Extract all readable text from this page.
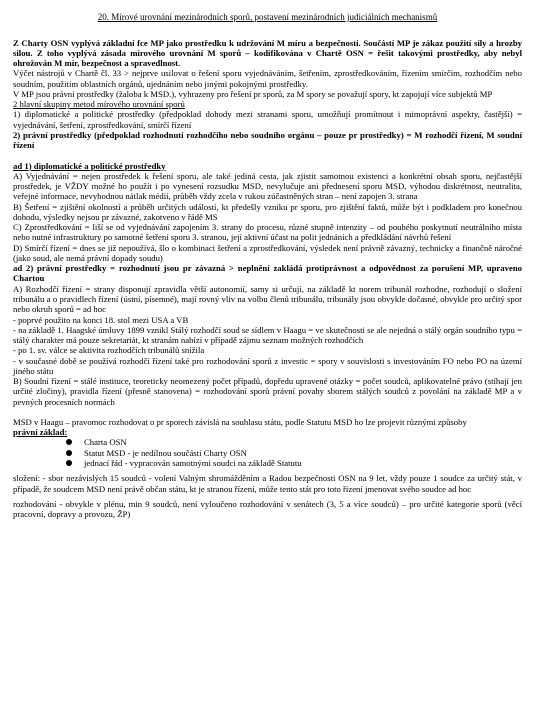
20. Mírové urovnání mezinárodních sporů, postavení mezinárodních judiciálních mechanismů

Z Charty OSN vyplývá základní fce MP jako prostředku k udržování M míru a bezpečnosti. Součástí MP je zákaz použití síly a hrozby silou. Z toho vyplývá zásada mírového urovnání M sporů – kodifikována v Chartě OSN = řešit takovými prostředky, aby nebyl ohrožován M mír, bezpečnost a spravedlnost.

Výčet nástrojů v Chartě čl. 33 > nejprve usilovat o řešení sporu vyjednáváním, šetřením, zprostředkováním, řízením smírčím, rozhodčím nebo soudním, použitím oblastních orgánů, ujednáním nebo jinými pokojnými prostředky.

V MP jsou právní prostředky (žaloba k MSD.), vyhrazeny pro řešení pr sporů, za M spory se považují spory, kt zapojují více subjektů MP

2 hlavní skupiny metod mírového urovnání sporů

1) diplomatické a politické prostředky (předpoklad dohody mezi stranami sporu, umožňují promítnout i mimoprávní aspekty, častější) = vyjednávání, šetření, zprostředkování, smírčí řízení

2) právní prostředky (předpoklad rozhodnutí rozhodčího nebo soudního orgánu – pouze pr prostředky) = M rozhodčí řízení, M soudní řízení

ad 1) diplomatické a politické prostředky

A) Vyjednávání = nejen prostředek k řešení sporu, ale také jediná cesta, jak zjistit samotnou existenci a konkrétní obsah sporu, nejčastější prostředek, je VŽDY možné ho použít i po vynesení rozsudku MSD, nevylučuje ani přednesení sporu MSD, výhodou diskrétnost, neutralita, veřejné informace, nevyhodnou nátlak médií, průběh vždy zcela v rukou zúčastněných stran – není zapojen 3. strana

B) Šetření = zjištění okolností a průběh určitých událostí, kt předešly vzniku pr sporu, pro zjištění faktů, může být i podkladem pro konečnou dohodu, výsledky nejsou pr závazné, zakotveno v řádě MS

C) Zprostředkování = liší se od vyjednávání zapojením 3. strany do procesu, různé stupně intenzity – od pouhého poskytnutí neutrálního místa nebo nutné infrastruktury po samotné šetření sporu 3. stranou, její aktivní účast na polit jednáních a předkládání návrhů řešení

D) Smírčí řízení = dnes se již nepoužívá, šlo o kombinaci šetření a zprostředkování, výsledek není právně závazný, technicky a finančně náročné (jako soud, ale nemá právní dopady soudu)

ad 2) právní prostředky = rozhodnutí jsou pr závazná > neplnění zakládá protiprávnost a odpovědnost za porušení MP, upraveno Chartou

A) Rozhodčí řízení = strany disponují zpravidla větší autonomií, samy si určují, na základě kt norem tribunál rozhodne, rozhodují o složení tribunálu a o pravidlech řízení (ústní, písemné), mají rovný vliv na volbu členů tribunálu, tribunály jsou obvykle dočasné, obvykle pro určitý spor nebo okruh sporů = ad hoc

- poprvé použito na konci 18. stol mezi USA a VB

- na základě 1. Haagské úmluvy 1899 vznikl Stálý rozhodčí soud se sídlem v Haagu = ve skutečnosti se ale nejedná o stálý orgán soudního typu = stálý charakter má pouze sekretariát, kt stranám nabízí v případě zájmu seznam možných rozhodčích

- po 1. sv. válce se aktivita rozhodčích tribunálů snížila

- v současné době se používá rozhodčí řízení také pro rozhodování sporů z investic = spory v souvislosti s investováním FO nebo PO na území jiného státu

B) Soudní řízení = stálé instituce, teoreticky neomezený počet případů, dopředu upravené otázky = počet soudců, aplikovatelné právo (stíhají jen určité zločiny), pravidla řízení (přesně stanovena) = rozhodování sporů právní povahy sborem stálých soudců z povolání na základě MP a v pevných procesních normách

MSD v Haagu – pravomoc rozhodovat o pr sporech závislá na souhlasu státu, podle Statutu MSD ho lze projevit různými způsoby

právní základ:

Charta OSN
Statut MSD - je nedílnou součástí Charty OSN
jednací řád - vypracován samotnými soudci na základě Statutu

složení: - sbor nezávislých 15 soudců - volení Valným shromážděním a Radou bezpečnosti OSN na 9 let, vždy pouze 1 soudce za určitý stát, v případě, že soudcem MSD není právě občan státu, kt je stranou řízení, může tento stát pro toto řízení jmenovat svého soudce ad hoc

rozhodování - obvykle v plénu, min 9 soudců, není vyloučeno rozhodování v senátech (3, 5 a více soudců) – pro určité kategorie sporů (věcí pracovní, dopravy a provozu, ŽP)
